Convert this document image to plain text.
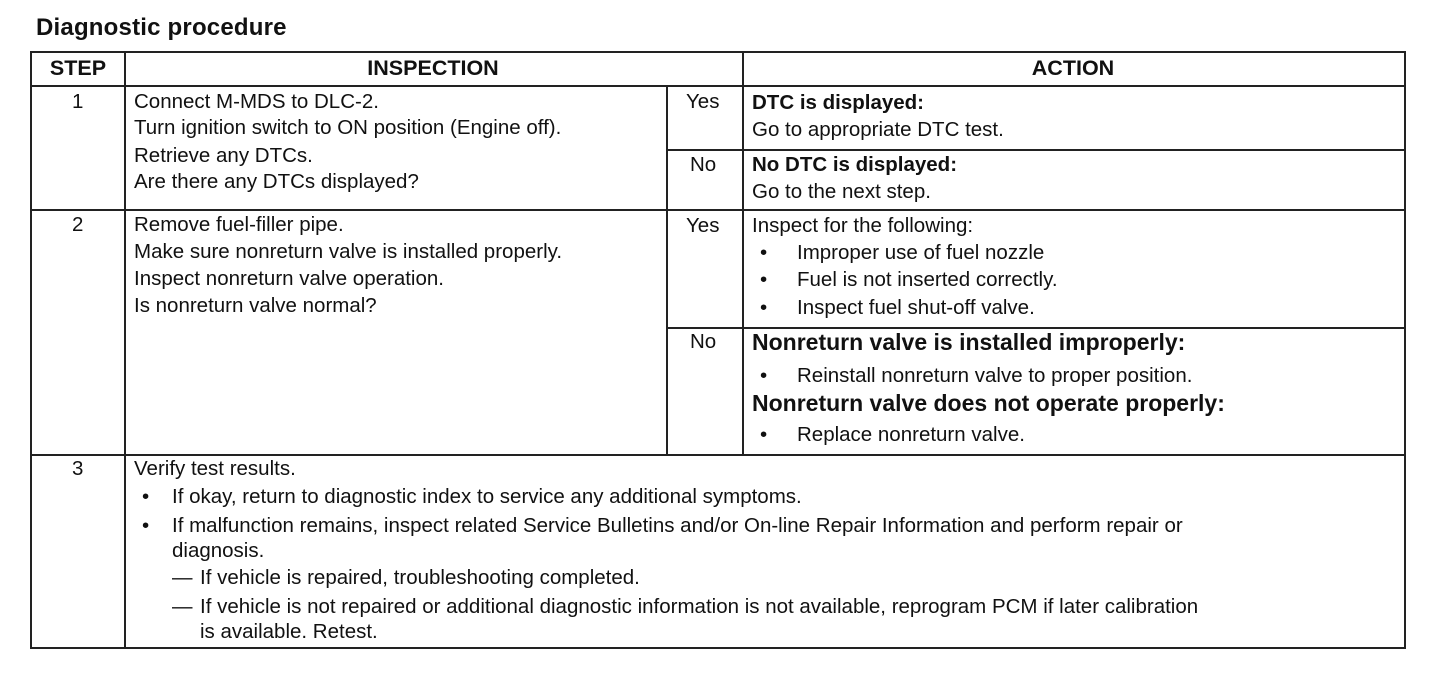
Diagnostic procedure
STEP	INSPECTION	ACTION
1 Connect M-MDS to DLC-2.
Turn ignition switch to ON position (Engine off).
Retrieve any DTCs.
Are there any DTCs displayed?
Yes DTC is displayed:
Go to appropriate DTC test.
No No DTC is displayed:
Go to the next step.
2 Remove fuel-filler pipe.
Make sure nonreturn valve is installed properly.
Inspect nonreturn valve operation.
Is nonreturn valve normal?
Yes Inspect for the following:
• Improper use of fuel nozzle
• Fuel is not inserted correctly.
• Inspect fuel shut-off valve.
No Nonreturn valve is installed improperly:
• Reinstall nonreturn valve to proper position.
Nonreturn valve does not operate properly:
• Replace nonreturn valve.
3 Verify test results.
• If okay, return to diagnostic index to service any additional symptoms.
• If malfunction remains, inspect related Service Bulletins and/or On-line Repair Information and perform repair or
diagnosis.
— If vehicle is repaired, troubleshooting completed.
— If vehicle is not repaired or additional diagnostic information is not available, reprogram PCM if later calibration
is available. Retest.
